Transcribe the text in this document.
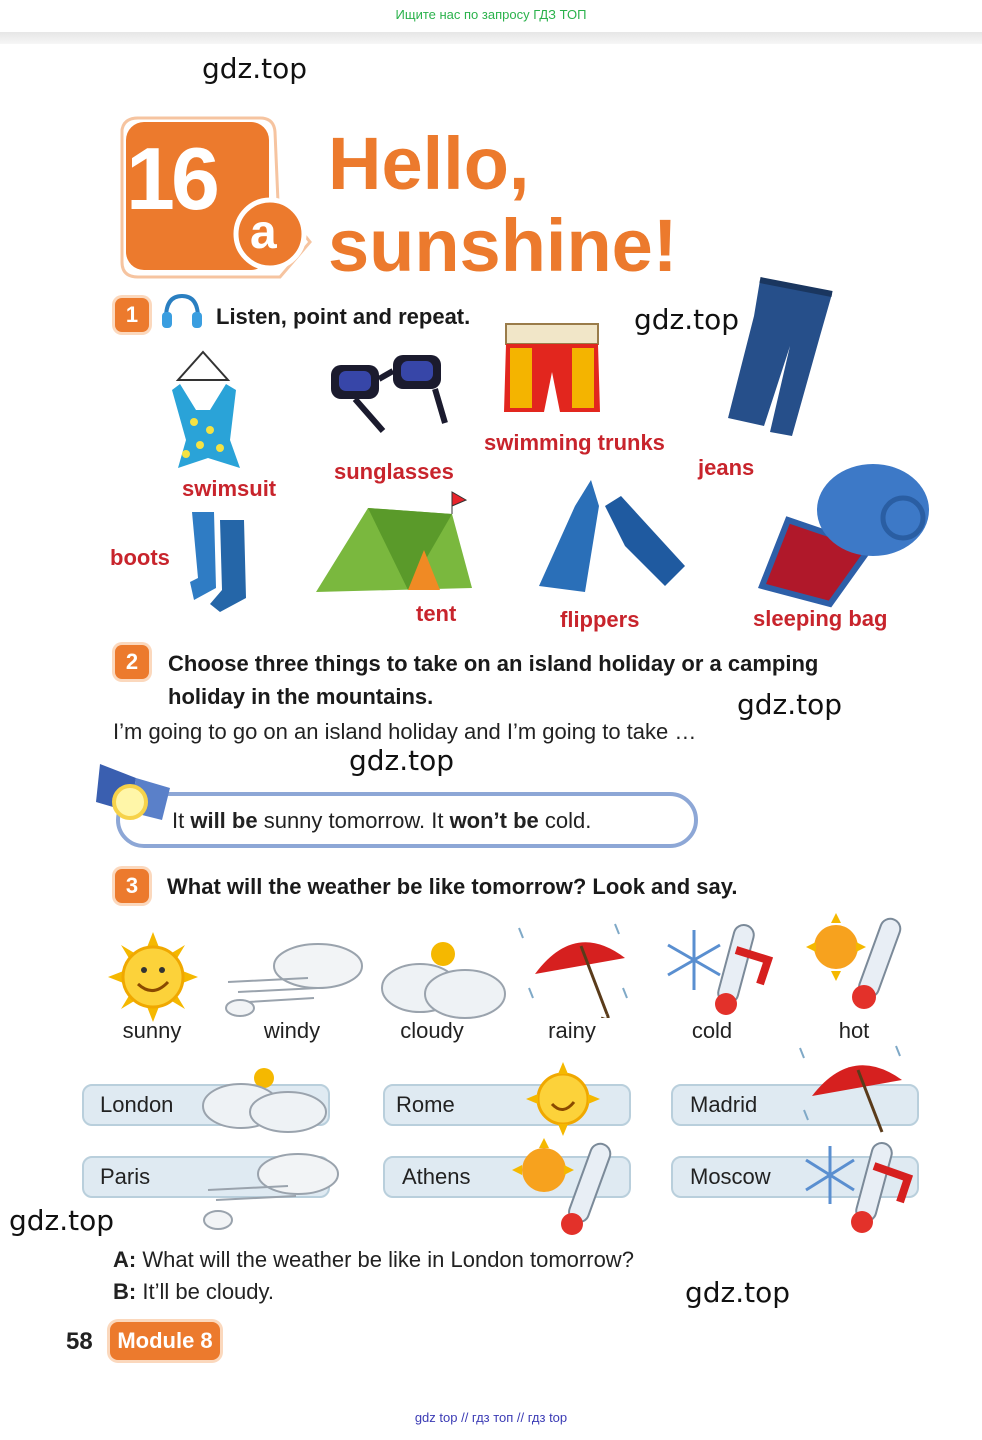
Ищите нас по запросу ГДЗ ТОП
gdz.top
gdz.top
gdz.top
gdz.top
gdz.top
gdz.top
16
a
Hello,
sunshine!
1	Listen, point and repeat.
swimsuit
sunglasses
swimming trunks
jeans
boots
tent	flippers	sleeping bag
2	Choose three things to take on an island holiday or a camping
holiday in the mountains.
I’m going to go on an island holiday and I’m going to take …
It will be sunny tomorrow. It won’t be cold.
3	What will the weather be like tomorrow? Look and say.
sunny	windy	cloudy	rainy	cold	hot
London	Rome	Madrid
Paris	Athens	Moscow
A: What will the weather be like in London tomorrow?
B: It’ll be cloudy.
58	Module 8
gdz top // гдз топ // гдз top
